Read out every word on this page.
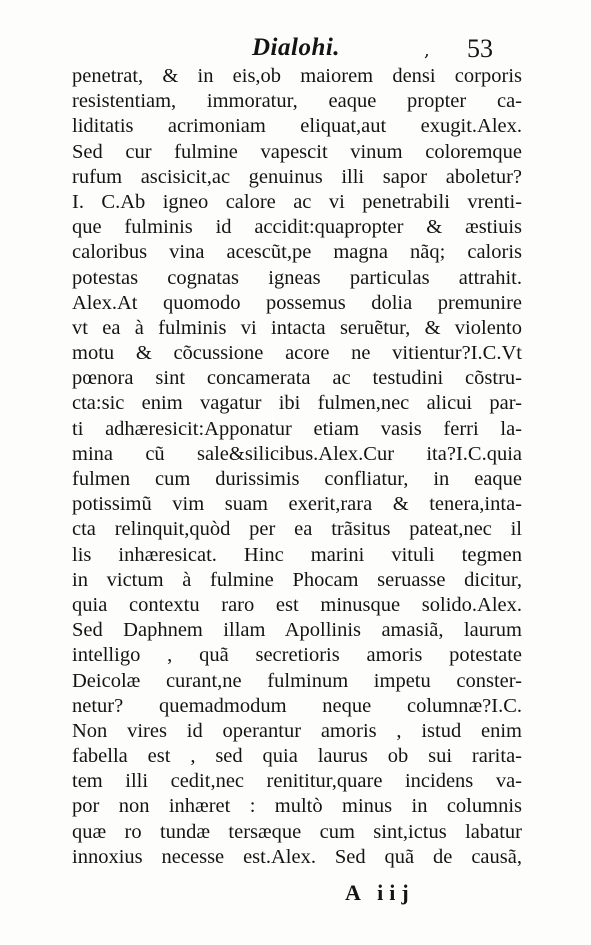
Dialohi.	, 53
penetrat, & in eis,ob maiorem densi corporis
resistentiam, immoratur, eaque propter ca-
liditatis acrimoniam eliquat,aut exugit.Alex.
Sed cur fulmine vapescit vinum coloremque
rufum ascisicit,ac genuinus illi sapor aboletur?
I. C.Ab igneo calore ac vi penetrabili vrenti-
que fulminis id accidit:quapropter & æstiuis
caloribus vina acescũt,pe magna nãq; caloris
potestas cognatas igneas particulas attrahit.
Alex.At quomodo possemus dolia premunire
vt ea à fulminis vi intacta seruẽtur, & violento
motu & cõcussione acore ne vitientur?I.C.Vt
pœnora sint concamerata ac testudini cõstru-
cta:sic enim vagatur ibi fulmen,nec alicui par-
ti adhæresicit:Apponatur etiam vasis ferri la-
mina cũ sale&silicibus.Alex.Cur ita?I.C.quia
fulmen cum durissimis confliatur, in eaque
potissimũ vim suam exerit,rara & tenera,inta-
cta relinquit,quòd per ea trãsitus pateat,nec il
lis inhæresicat. Hinc marini vituli tegmen
in victum à fulmine Phocam seruasse dicitur,
quia contextu raro est minusque solido.Alex.
Sed Daphnem illam Apollinis amasiã, laurum
intelligo , quã secretioris amoris potestate
Deicolæ curant,ne fulminum impetu conster-
netur? quemadmodum neque columnæ?I.C.
Non vires id operantur amoris , istud enim
fabella est , sed quia laurus ob sui rarita-
tem illi cedit,nec renititur,quare incidens va-
por non inhæret : multò minus in columnis
quæ ro tundæ tersæque cum sint,ictus labatur
innoxius necesse est.Alex. Sed quã de causã,
A iij
